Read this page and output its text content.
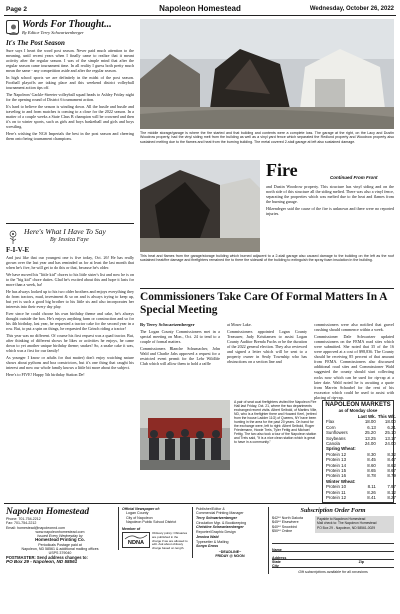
Page 2	Napoleon Homestead	Wednesday, October 26, 2022
Words For Thought...
By Editor Terry Schwartzenberger
It's The Post Season

Sure says I heart the word post season. Never paid much attention to the meaning, until recent years when I finally came to realize that it meant activity after the regular season. I was of the simple mind that after the regular season came tournament time. In all reality I guess both pretty much mean the same - any competition aside and after the regular season.

In high school sports we are definitely in the midst of the post season. Football playoffs are taking place and this weekend district volleyball tournament action tips off.

The Napoleon/ Gackle-Streeter volleyball squad heads to Ashley Friday night for the opening round of District 6 tournament action.

It's hard to believe the season is winding down. All the hustle and bustle and traveling to and from matches is coming to a close for the 2022 season. In a matter of a couple weeks a State Class B champion will be crowned and then it's on to winter sports, such as girls and boys basketball and girls and boys wrestling.

Here's wishing the NGS Imperials the best in the post season and cheering them onto being tournament champions.

Here's What I Have To Say
By Jessica Faye
F-I-V-E

And just like that our youngest one is five today, Oct. 26! He has really grown over the last year and has reminded us for at least the last month that when he's five, he will get to do this or that, because he's older.

We have moved his "little kid" chores to his little sister's list and now he is on to the "big kid" chore duties. Glad he's excited about this and hope it lasts for more than a week, ha!

He has always looked up to his two older brothers and enjoys everything they do from tractors, mud, investment & so on and is always trying to keep up, but yet is such a good big brother to his little sis and also incorporates her interests into their every day play.

Ever since he could choose his own birthday theme and cake, he's always thought outside the box. He's enjoys anything farm or construction and so for his 4th birthday, last year, he requested a tractor cake for the second year in a row. But, to put a spin on things, he requested the Grinch riding a tractor!

This year was no different. Of course his first request was a quad tractor. But, after thinking of different shows he likes or activities he enjoys, he came down to yet another unique birthday theme; snakes! So, a snake cake it was, which was a first for our family!

As younger I know or adults for that matter) don't enjoy watching nature shows about pythons and boa constrictors, but it's one thing that caught his interest and now our whole family knows a little bit more about the subject.

Here's to FIVE! Happy 5th birthday Station De!

The middle storage/garage is where the fire started and that building and contents were a complete loss. The garage at the right, on the Lacy and Dustin Woodrow property, had the vinyl siding melt from the building as well as a vinyl yard fence which separated the Redlund property and Woodrow property also sustained melting due to the flames and heat from the burning building. The metal covered 2-stall garage at left also sustained damage.
This heat and flames from the garage/storage building which burned adjacent to a 2-stall garage also caused damage to the building on the left as the roof sustained heat/fire damage and firefighters remained the to there the sidewall of the building to extinguish the spray foam insulation in the building.
Fire	Continued From Front

and Dustin Woodrow property. This structure has vinyl siding and on the north side of this structure all the siding melted. There was also a vinyl fence, separating the properties which was melted due to the heat and flames from the burning garage.

Hilzendeger said the cause of the fire is unknown and there were no reported injuries.

Commissioners Take Care Of Formal Matters In A Special Meeting
By Terry Schwartzenberger

The Logan County Commissioners met in a special meeting on Mon., Oct. 24 to tend to a couple of formal matters.

Commissioners Blanche Schumacher, John Wald and Charlie Jahs approved a request for a restricted event permit for the Lehr Wildlife Club which will allow them to hold a raffle

at Moser Lake.

Commissioners appointed Logan County Treasurer, Judy Kristiansen to assist Logan County Auditor Brenda Fuchs or be the duration of the 2022 general election. They also reviewed and signed a letter which will be sent to a property owner in Sealy Township who has obstructions on a section line and

commissioners were also notified that gravel crushing should commence within a week.

Commissioner Dale Schwartzer updated commissioners on the FEMA road sites which were submitted. She noted that 35 of the 16 were approved at a cost of $98,836. The County should be receiving 85 percent of that amount from FEMA. Commissioners also discussed additional road sites and Commissioner Wald suggested the county should start collecting rocks now which can be used for rip-rap at a later date. Wald noted he is awaiting a quote from Marvin Schaubel for the rent of his excavator which could be used to assist with placing of rip-rap.

A pair of seat coat firefighters visited the Napoleon Fire Hall last Friday, Oct. 21, where the two departments exchanged recent visits. Albert Seibold, of Martins Ville, ND, who is a firefighter there and Howard Keel, (retired from the house Ladder 11G) of Queens, NY have been hunting in the area for the past 20 years. On hand for the exchange were, left to right: Albert Seibold, Roger Friedemann, Howie Treis, Tyler Fettig and Michael Fettig. The two also took a tour of the Napoleon station and Treis said, "It is a nice clean station which is great to have in a community."
NAPOLEON MARKETS
as of Monday close
	Last Wk.	This Wk.
Flax	18.00	18.00
Corn	6.13	6.21
Sunflowers	25.20	25.10
Soybeans	13.25	13.17
Canola	24.00	24.00
Spring Wheat:		
Protein 12	8.30	8.32
Protein 13	8.45	8.47
Protein 14	8.60	8.62
Protein 15	8.65	8.67
Protein 16	8.78	8.79
Winter Wheat:		
Protein 10	8.11	7.97
Protein 11	8.26	8.12
Protein 12	8.41	8.27
Napoleon Homestead
Phone: 701-754-2212
Fax: 701-754-2212
Email: homestead@napoleonnd.com
www.napoleonhomestead.com
Issued Every Wednesday by
Homestead Printing Co.
Periodicals Postage paid at
Napoleon, ND 58561 & additional mailing offices
USPS 379040
POSTMASTER: Send address changes to:
PO Box 29 - Napoleon, ND 58561
Official Newspaper of:
Logan County
City of Napoleon
Napoleon Public School District
Member of
NDNA
Obituary policy: Obituaries are published in the charge if we are allowed to edit. Ask about obituary charge based on length.
Publisher/Editor &
Commercial Printing Manager
Terry Schwartzenberger
Circulation Mgr. & Bookkeeping
Christine Schwartzenberger
Reporter/Graphic Design
Jessica Wald
Typesetter & Mailing
Sonya Gross
~DEADLINE~
FRIDAY @ NOON
Subscription Order Form
$42** North Dakota
$45** Elsewhere
$40** Snowbird
$50** Online
Payable to Napoleon Homestead
Mail check to: The Napoleon Homestead
PO Box 29 - Napoleon, ND 58561-0029
Name
Address
City
State	Zip
Gift subscriptions available for all occasions
